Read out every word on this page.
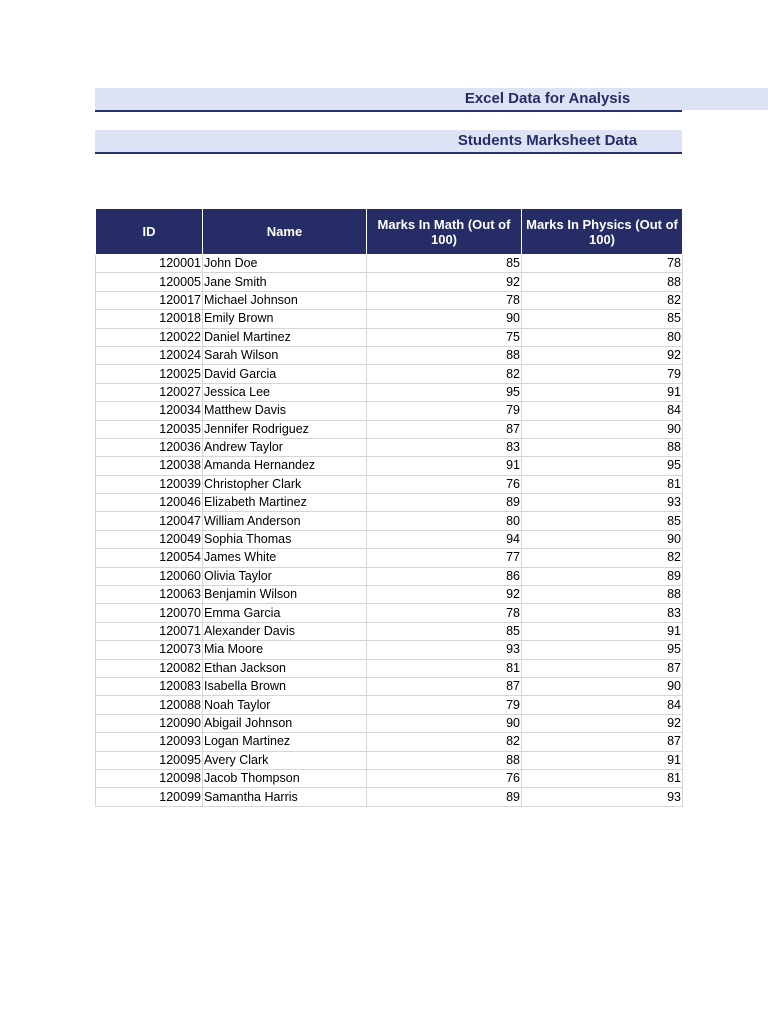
Excel Data for Analysis
Students Marksheet Data
ID	Name	Marks In Math (Out of 100)	Marks In Physics (Out of 100)
120001	John Doe	85	78
120005	Jane Smith	92	88
120017	Michael Johnson	78	82
120018	Emily Brown	90	85
120022	Daniel Martinez	75	80
120024	Sarah Wilson	88	92
120025	David Garcia	82	79
120027	Jessica Lee	95	91
120034	Matthew Davis	79	84
120035	Jennifer Rodriguez	87	90
120036	Andrew Taylor	83	88
120038	Amanda Hernandez	91	95
120039	Christopher Clark	76	81
120046	Elizabeth Martinez	89	93
120047	William Anderson	80	85
120049	Sophia Thomas	94	90
120054	James White	77	82
120060	Olivia Taylor	86	89
120063	Benjamin Wilson	92	88
120070	Emma Garcia	78	83
120071	Alexander Davis	85	91
120073	Mia Moore	93	95
120082	Ethan Jackson	81	87
120083	Isabella Brown	87	90
120088	Noah Taylor	79	84
120090	Abigail Johnson	90	92
120093	Logan Martinez	82	87
120095	Avery Clark	88	91
120098	Jacob Thompson	76	81
120099	Samantha Harris	89	93
